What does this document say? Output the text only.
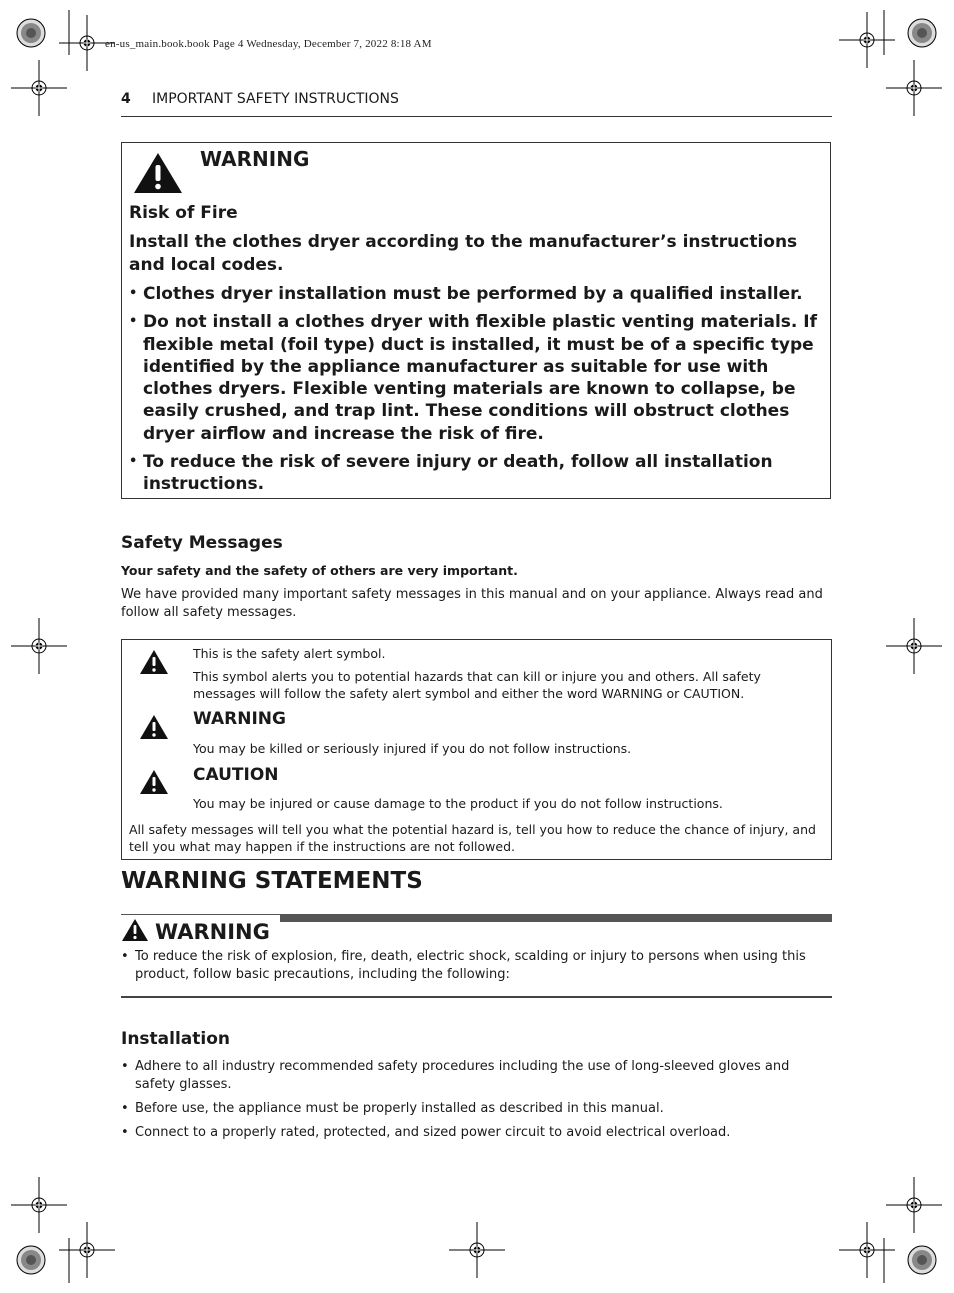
en-us_main.book.book Page 4 Wednesday, December 7, 2022 8:18 AM
4 IMPORTANT SAFETY INSTRUCTIONS
WARNING
Risk of Fire
Install the clothes dryer according to the manufacturer’s instructions and local codes.
• Clothes dryer installation must be performed by a qualified installer.
• Do not install a clothes dryer with flexible plastic venting materials. If flexible metal (foil type) duct is installed, it must be of a specific type identified by the appliance manufacturer as suitable for use with clothes dryers. Flexible venting materials are known to collapse, be easily crushed, and trap lint. These conditions will obstruct clothes dryer airflow and increase the risk of fire.
• To reduce the risk of severe injury or death, follow all installation instructions.
Safety Messages
Your safety and the safety of others are very important.
We have provided many important safety messages in this manual and on your appliance. Always read and follow all safety messages.
This is the safety alert symbol.
This symbol alerts you to potential hazards that can kill or injure you and others. All safety messages will follow the safety alert symbol and either the word WARNING or CAUTION.
WARNING
You may be killed or seriously injured if you do not follow instructions.
CAUTION
You may be injured or cause damage to the product if you do not follow instructions.
All safety messages will tell you what the potential hazard is, tell you how to reduce the chance of injury, and tell you what may happen if the instructions are not followed.
WARNING STATEMENTS
WARNING
• To reduce the risk of explosion, fire, death, electric shock, scalding or injury to persons when using this product, follow basic precautions, including the following:
Installation
• Adhere to all industry recommended safety procedures including the use of long-sleeved gloves and safety glasses.
• Before use, the appliance must be properly installed as described in this manual.
• Connect to a properly rated, protected, and sized power circuit to avoid electrical overload.
